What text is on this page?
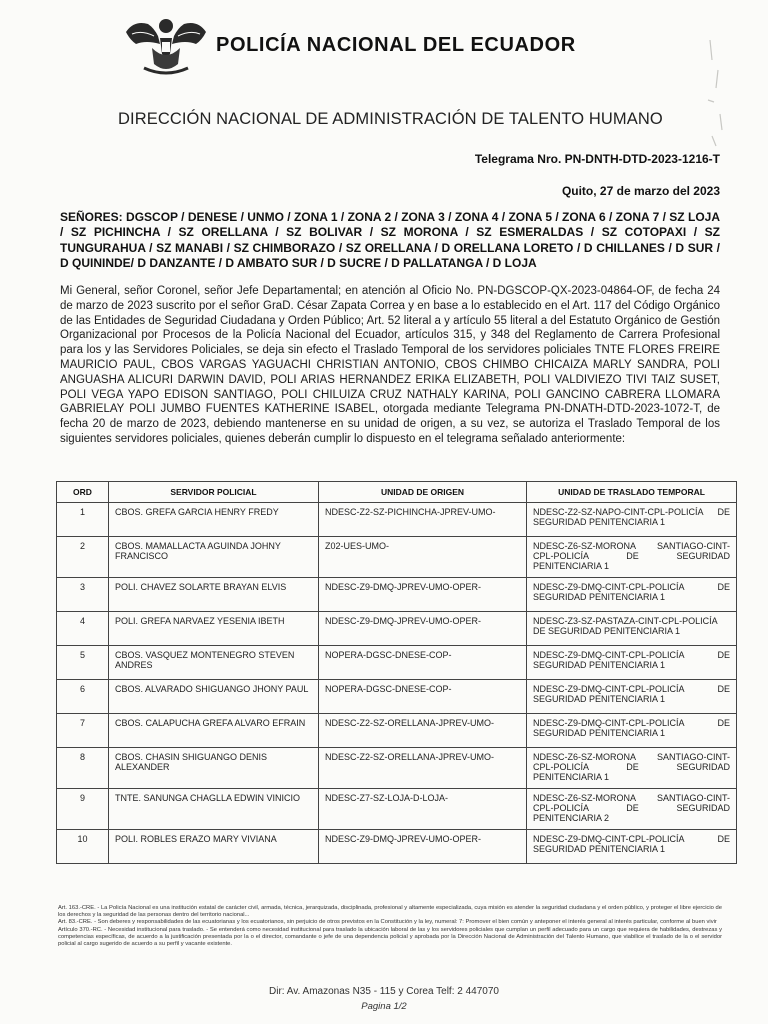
POLICÍA NACIONAL DEL ECUADOR
DIRECCIÓN NACIONAL DE ADMINISTRACIÓN DE TALENTO HUMANO
Telegrama Nro. PN-DNTH-DTD-2023-1216-T
Quito, 27 de marzo del 2023
SEÑORES: DGSCOP / DENESE / UNMO / ZONA 1 / ZONA 2 / ZONA 3 / ZONA 4 / ZONA 5 / ZONA 6 / ZONA 7 / SZ LOJA / SZ PICHINCHA / SZ ORELLANA / SZ BOLIVAR / SZ MORONA / SZ ESMERALDAS / SZ COTOPAXI / SZ TUNGURAHUA / SZ MANABI / SZ CHIMBORAZO / SZ ORELLANA / D ORELLANA LORETO / D CHILLANES / D SUR / D QUININDE/ D DANZANTE / D AMBATO SUR / D SUCRE / D PALLATANGA / D LOJA
Mi General, señor Coronel, señor Jefe Departamental; en atención al Oficio No. PN-DGSCOP-QX-2023-04864-OF, de fecha 24 de marzo de 2023 suscrito por el señor GraD. César Zapata Correa y en base a lo establecido en el Art. 117 del Código Orgánico de las Entidades de Seguridad Ciudadana y Orden Público; Art. 52 literal a y artículo 55 literal a del Estatuto Orgánico de Gestión Organizacional por Procesos de la Policía Nacional del Ecuador, artículos 315, y 348 del Reglamento de Carrera Profesional para los y las Servidores Policiales, se deja sin efecto el Traslado Temporal de los servidores policiales TNTE FLORES FREIRE MAURICIO PAUL, CBOS VARGAS YAGUACHI CHRISTIAN ANTONIO, CBOS CHIMBO CHICAIZA MARLY SANDRA, POLI ANGUASHA ALICURI DARWIN DAVID, POLI ARIAS HERNANDEZ ERIKA ELIZABETH, POLI VALDIVIEZO TIVI TAIZ SUSET, POLI VEGA YAPO EDISON SANTIAGO, POLI CHILUIZA CRUZ NATHALY KARINA, POLI GANCINO CABRERA LLOMARA GABRIELAY POLI JUMBO FUENTES KATHERINE ISABEL, otorgada mediante Telegrama PN-DNATH-DTD-2023-1072-T, de fecha 20 de marzo de 2023, debiendo mantenerse en su unidad de origen, a su vez, se autoriza el Traslado Temporal de los siguientes servidores policiales, quienes deberán cumplir lo dispuesto en el telegrama señalado anteriormente:
ORD	SERVIDOR POLICIAL	UNIDAD DE ORIGEN	UNIDAD DE TRASLADO TEMPORAL
1	CBOS. GREFA GARCIA HENRY FREDY	NDESC-Z2-SZ-PICHINCHA-JPREV-UMO-	NDESC-Z2-SZ-NAPO-CINT-CPL-POLICÍA DE SEGURIDAD PENITENCIARIA 1
2	CBOS. MAMALLACTA AGUINDA JOHNY FRANCISCO	Z02-UES-UMO-	NDESC-Z6-SZ-MORONA SANTIAGO-CINT-CPL-POLICÍA DE SEGURIDAD PENITENCIARIA 1
3	POLI. CHAVEZ SOLARTE BRAYAN ELVIS	NDESC-Z9-DMQ-JPREV-UMO-OPER-	NDESC-Z9-DMQ-CINT-CPL-POLICÍA DE SEGURIDAD PENITENCIARIA 1
4	POLI. GREFA NARVAEZ YESENIA IBETH	NDESC-Z9-DMQ-JPREV-UMO-OPER-	NDESC-Z3-SZ-PASTAZA-CINT-CPL-POLICÍA DE SEGURIDAD PENITENCIARIA 1
5	CBOS. VASQUEZ MONTENEGRO STEVEN ANDRES	NOPERA-DGSC-DNESE-COP-	NDESC-Z9-DMQ-CINT-CPL-POLICÍA DE SEGURIDAD PENITENCIARIA 1
6	CBOS. ALVARADO SHIGUANGO JHONY PAUL	NOPERA-DGSC-DNESE-COP-	NDESC-Z9-DMQ-CINT-CPL-POLICÍA DE SEGURIDAD PENITENCIARIA 1
7	CBOS. CALAPUCHA GREFA ALVARO EFRAIN	NDESC-Z2-SZ-ORELLANA-JPREV-UMO-	NDESC-Z9-DMQ-CINT-CPL-POLICÍA DE SEGURIDAD PENITENCIARIA 1
8	CBOS. CHASIN SHIGUANGO DENIS ALEXANDER	NDESC-Z2-SZ-ORELLANA-JPREV-UMO-	NDESC-Z6-SZ-MORONA SANTIAGO-CINT-CPL-POLICÍA DE SEGURIDAD PENITENCIARIA 1
9	TNTE. SANUNGA CHAGLLA EDWIN VINICIO	NDESC-Z7-SZ-LOJA-D-LOJA-	NDESC-Z6-SZ-MORONA SANTIAGO-CINT-CPL-POLICÍA DE SEGURIDAD PENITENCIARIA 2
10	POLI. ROBLES ERAZO MARY VIVIANA	NDESC-Z9-DMQ-JPREV-UMO-OPER-	NDESC-Z9-DMQ-CINT-CPL-POLICÍA DE SEGURIDAD PENITENCIARIA 1

Art. 163.-CRE. - La Policía Nacional es una institución estatal de carácter civil, armada, técnica, jerarquizada, disciplinada, profesional y altamente especializada, cuya misión es atender la seguridad ciudadana y el orden público, y proteger el libre ejercicio de los derechos y la seguridad de las personas dentro del territorio nacional...

Art. 83.-CRE. - Son deberes y responsabilidades de las ecuatorianas y los ecuatorianos, sin perjuicio de otros previstos en la Constitución y la ley, numeral: 7: Promover el bien común y anteponer el interés general al interés particular, conforme al buen vivir

Artículo 370.-RC. - Necesidad institucional para traslado. - Se entenderá como necesidad institucional para traslado la ubicación laboral de las y los servidores policiales que cumplan un perfil adecuado para un cargo que requiera de habilidades, destrezas y competencias específicas, de acuerdo a la justificación presentada por la o el director, comandante o jefe de una dependencia policial y aprobada por la Dirección Nacional de Administración del Talento Humano, que viabilice el traslado de la o el servidor policial al cargo sugerido de acuerdo a su perfil y vacante existente.

Dir: Av. Amazonas N35 - 115 y Corea Telf: 2 447070
Pagina 1/2
